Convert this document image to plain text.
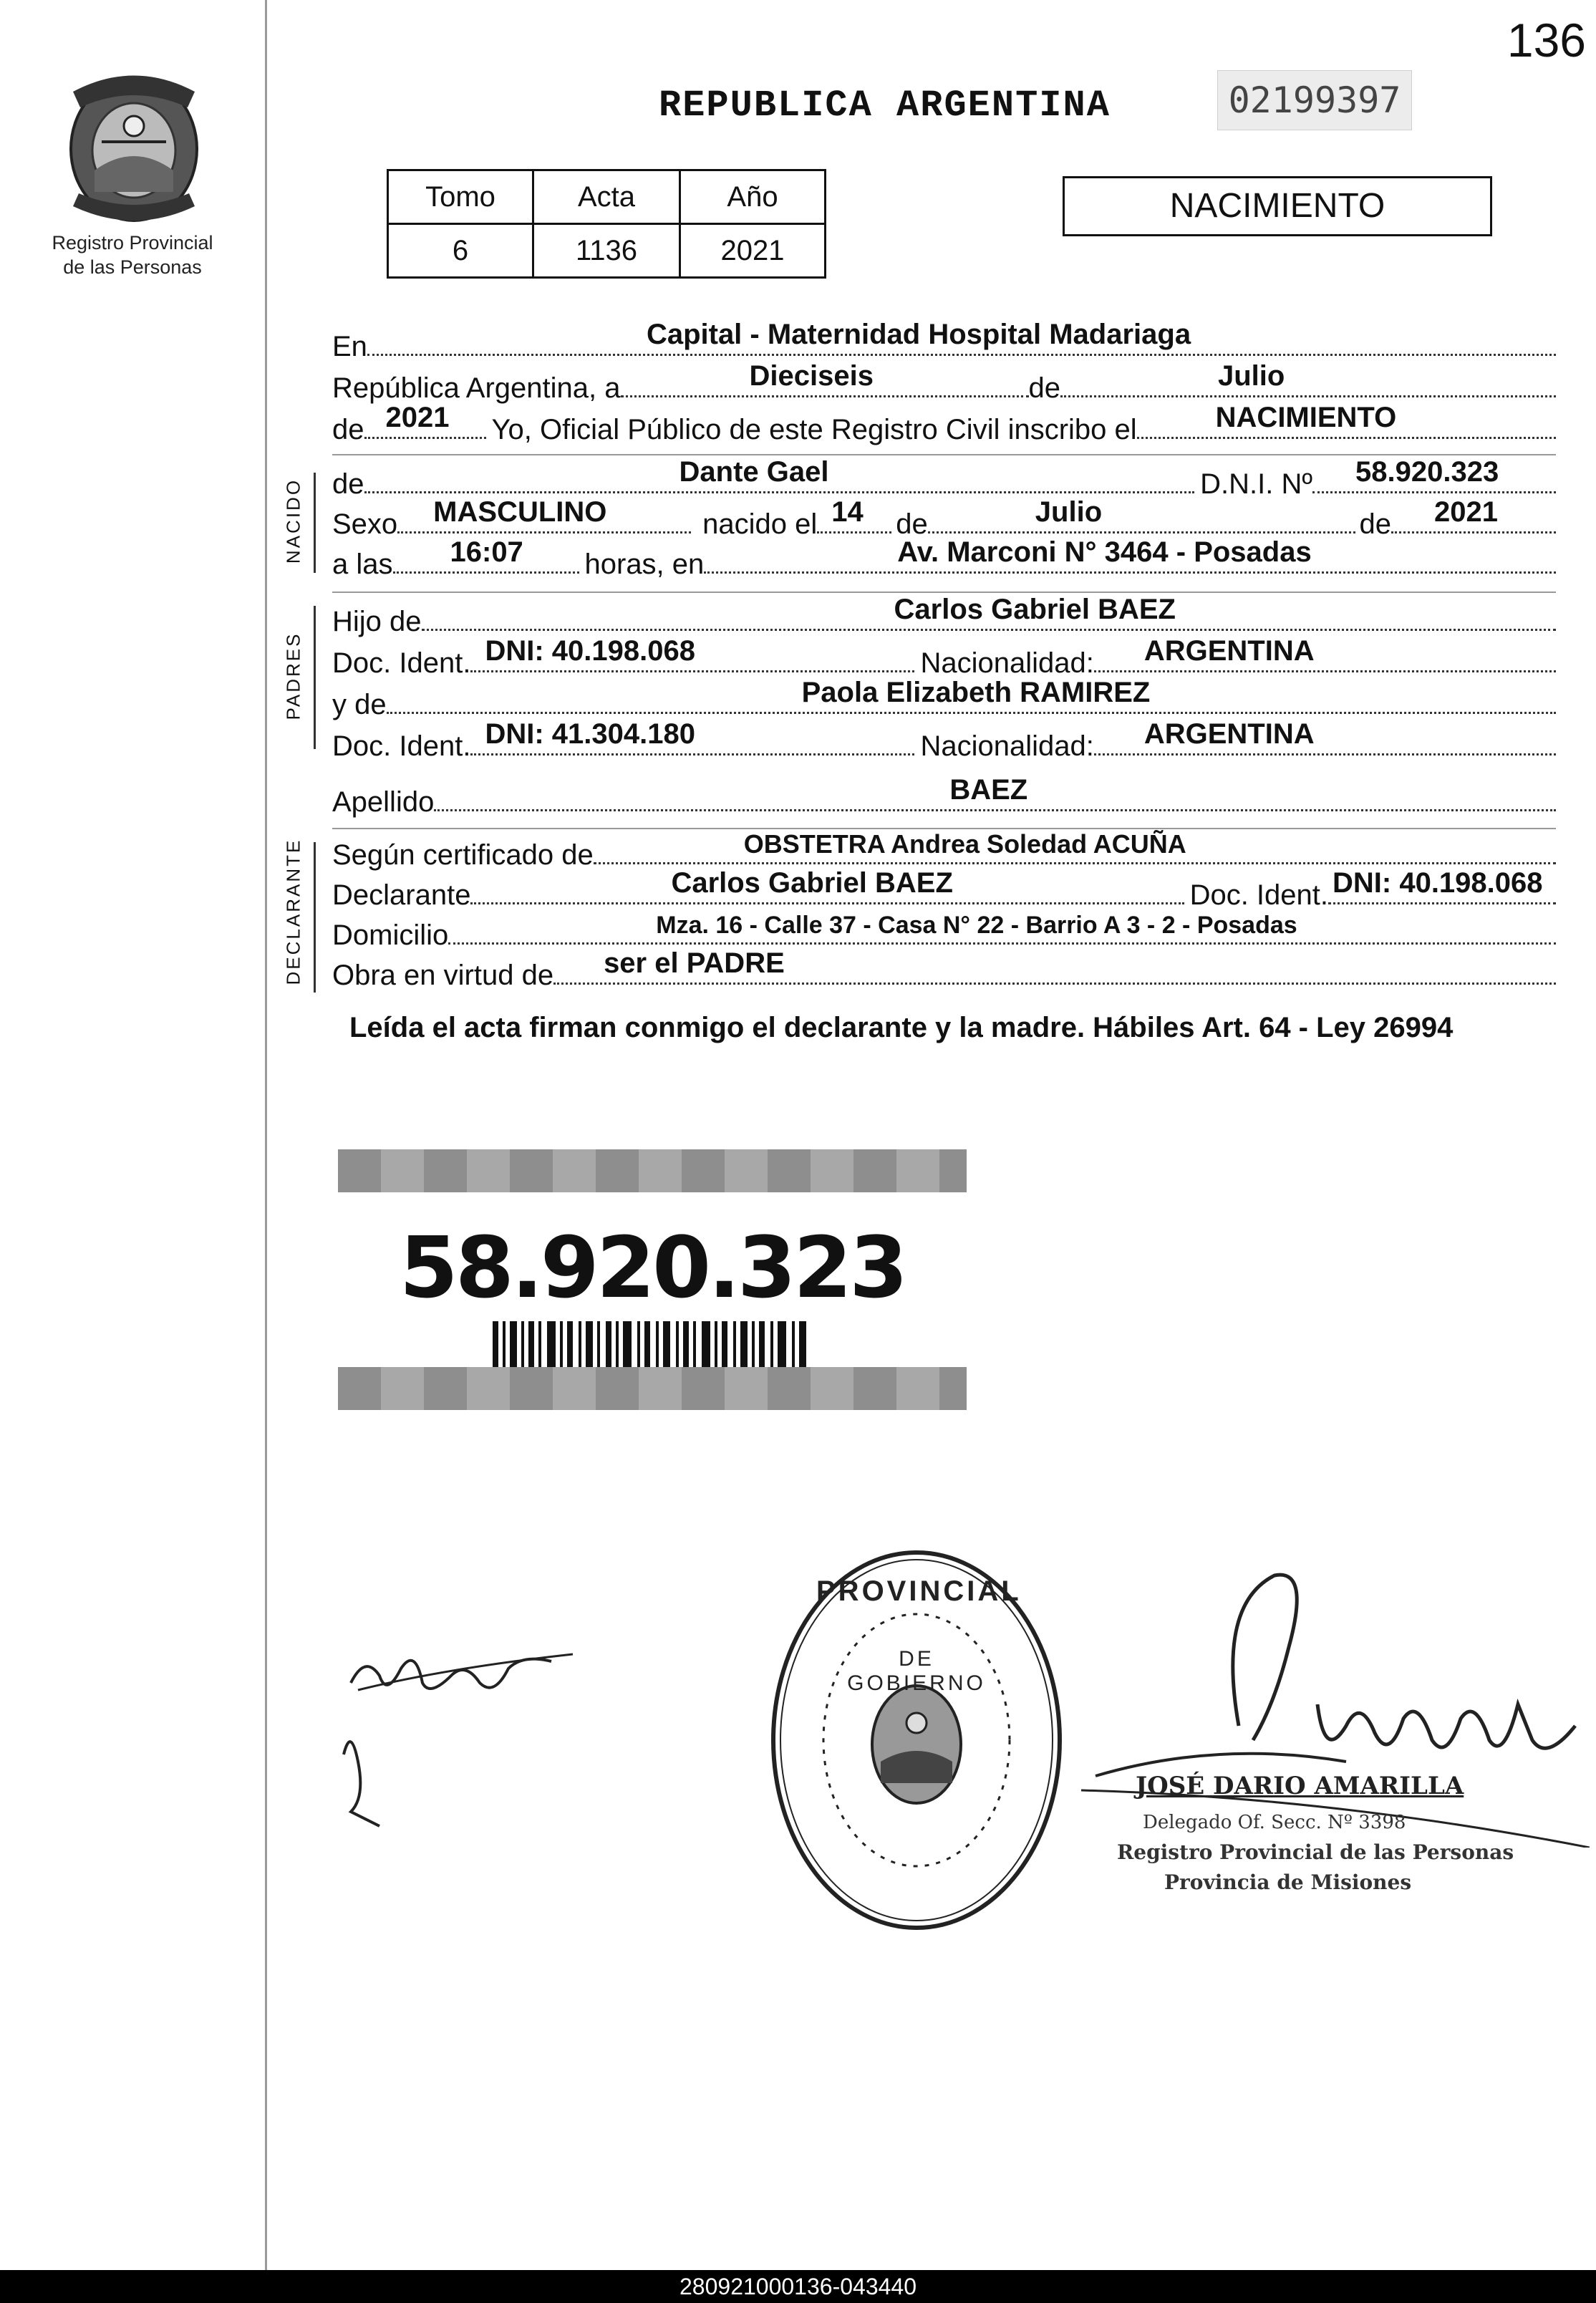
136
Registro Provincial
de las Personas
REPUBLICA ARGENTINA	02199397
Tomo	Acta	Año
6	1136	2021
NACIMIENTO
En	Capital - Maternidad Hospital Madariaga
República Argentina, a	Dieciseis	de	Julio
de 2021 Yo, Oficial Público de este Registro Civil inscribo el	NACIMIENTO
NACIDO de	Dante Gael	D.N.I. Nº 58.920.323
Sexo MASCULINO	nacido el 14 de	Julio	de 2021
a las 16:07 horas, en	Av. Marconi N° 3464 - Posadas
PADRES
Hijo de	Carlos Gabriel BAEZ
Doc. Ident. DNI: 40.198.068	Nacionalidad: ARGENTINA
y de	Paola Elizabeth RAMIREZ
Doc. Ident. DNI: 41.304.180	Nacionalidad: ARGENTINA
Apellido	BAEZ
DECLARANTE Según certificado de	OBSTETRA Andrea Soledad ACUÑA
Declarante	Carlos Gabriel BAEZ	Doc. Ident. DNI: 40.198.068
Domicilio	Mza. 16 - Calle 37 - Casa N° 22 - Barrio A 3 - 2 - Posadas
Obra en virtud de ser el PADRE
Leída el acta firman conmigo el declarante y la madre. Hábiles Art. 64 - Ley 26994
58.920.323
PROVINCIAL
DE GOBIERNO
JOSÉ DARIO AMARILLA
Delegado Of. Secc. Nº 3398
Registro Provincial de las Personas
Provincia de Misiones
280921000136-043440
